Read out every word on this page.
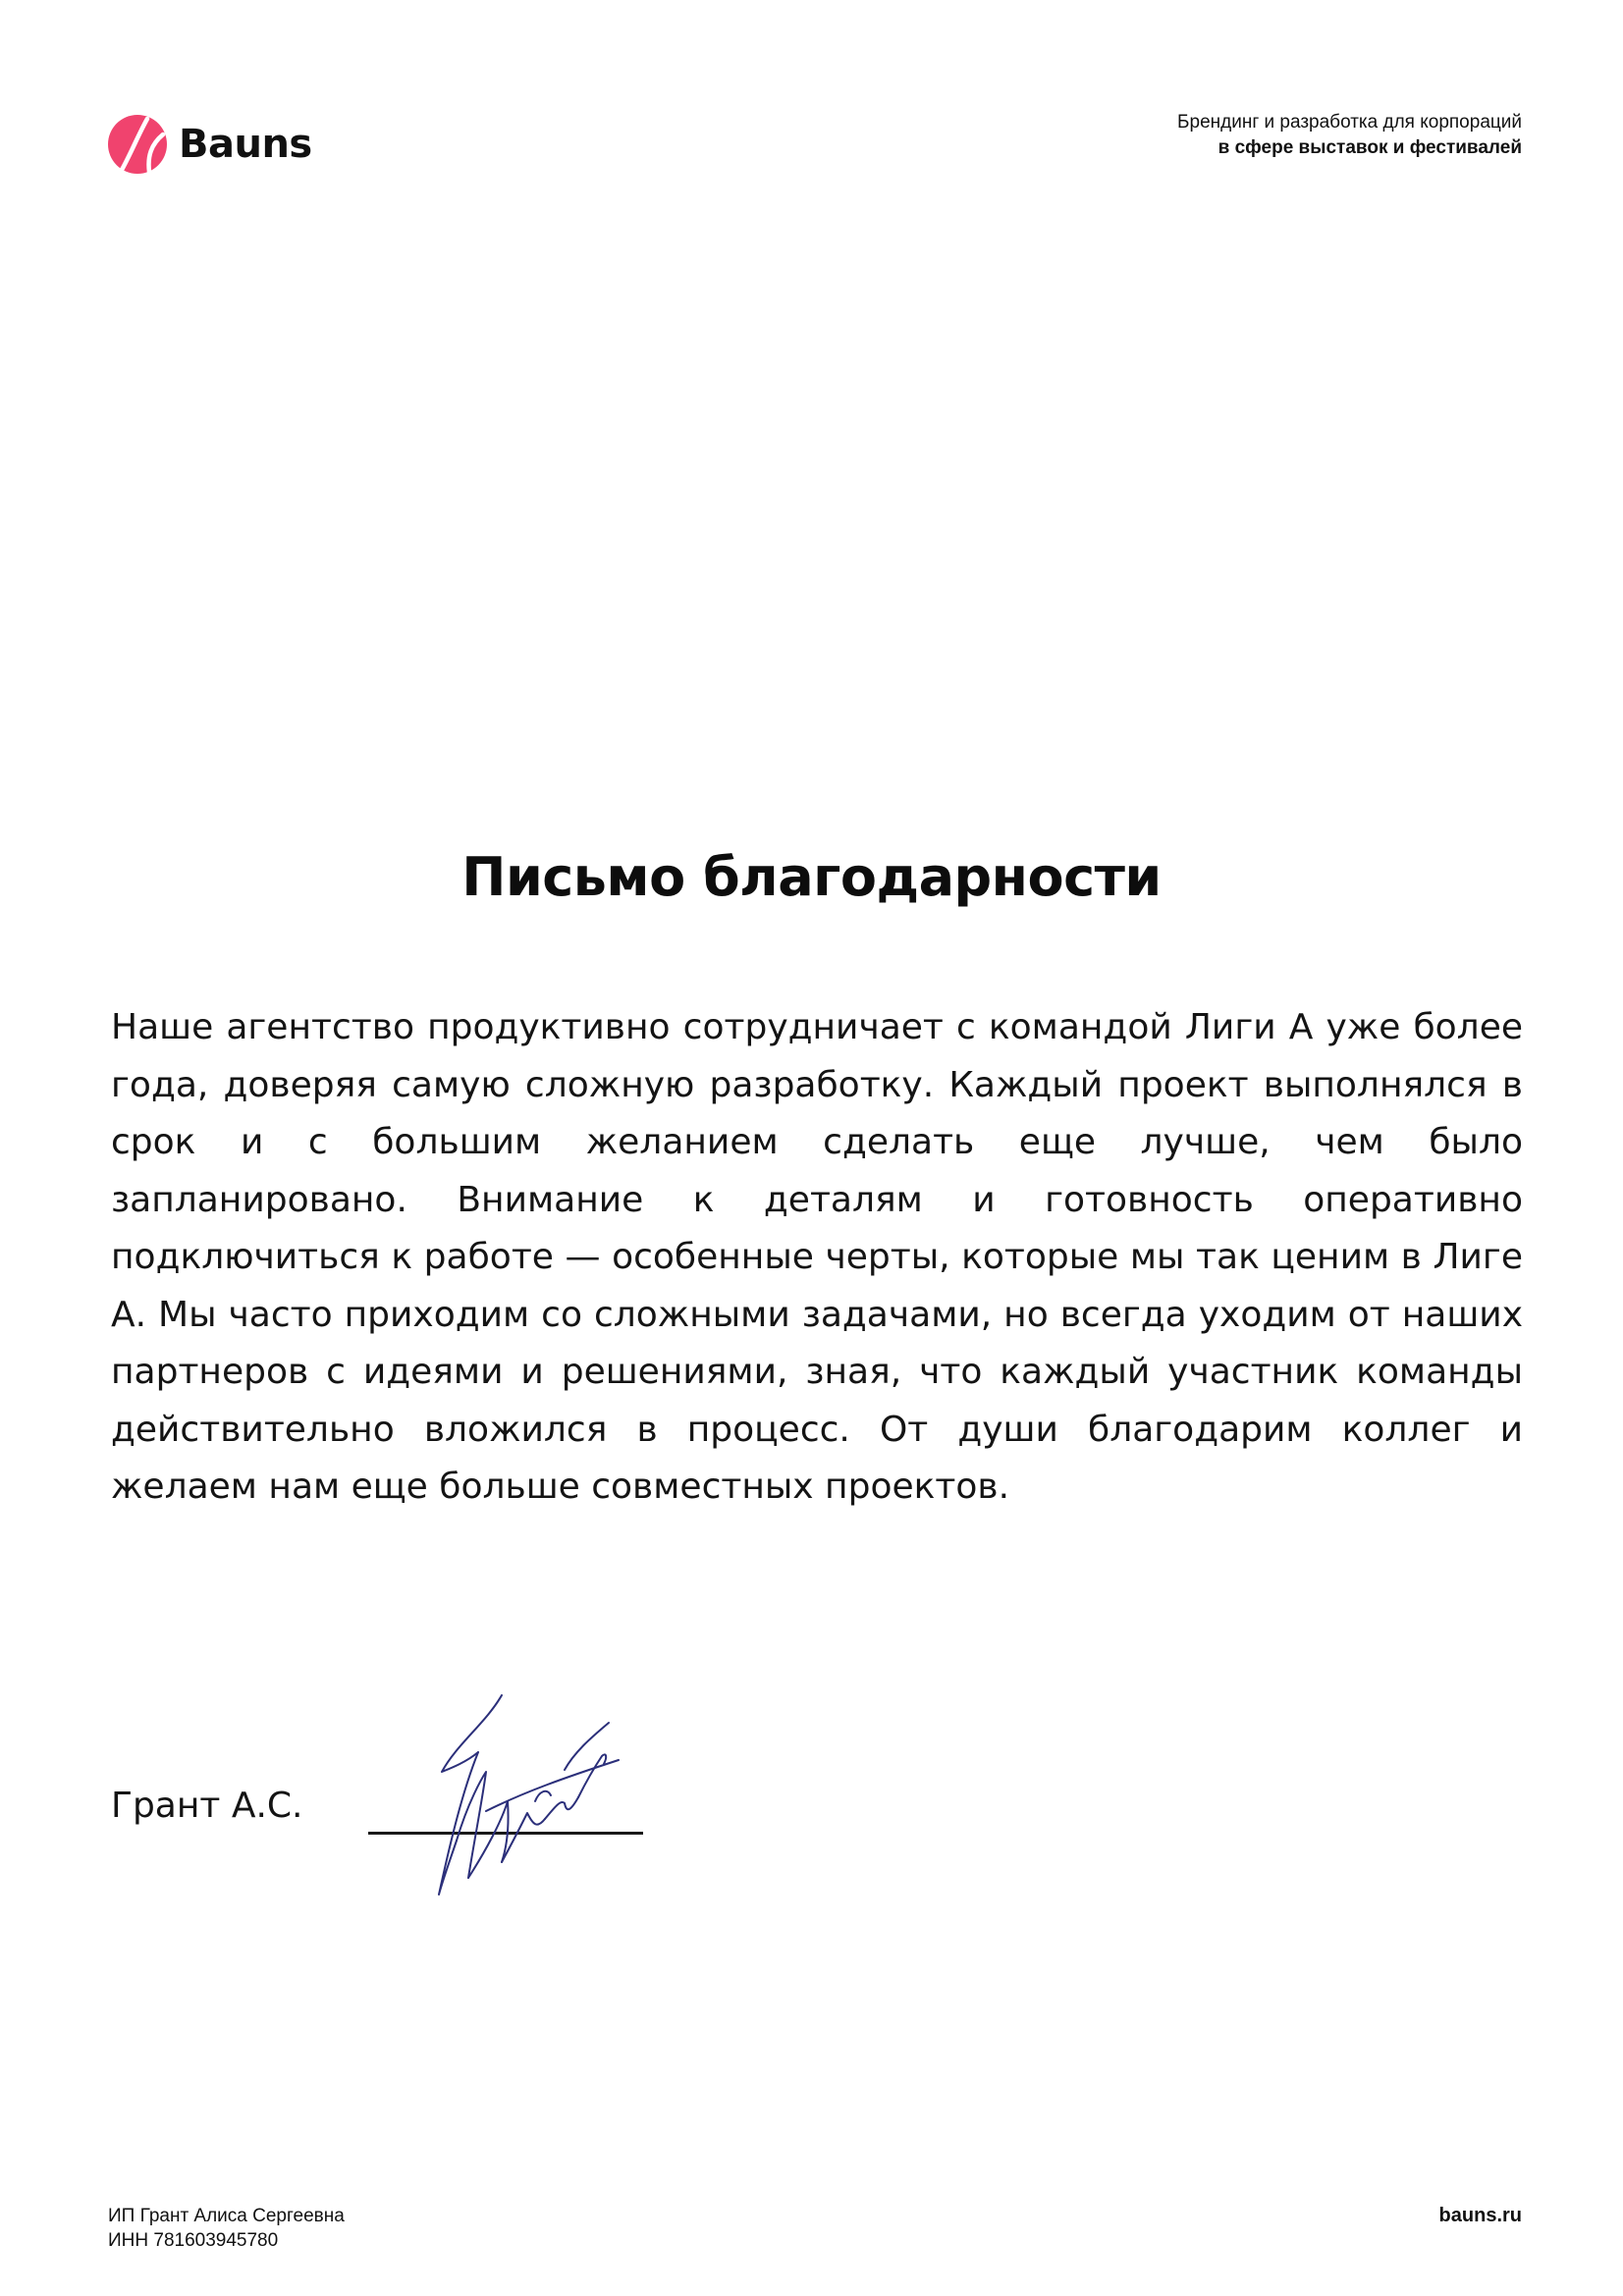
Bauns	Брендинг и разработка для корпораций
в сфере выставок и фестивалей
Письмо благодарности

Наше агентство продуктивно сотрудничает с командой Лиги А уже более года, доверяя самую сложную разработку. Каждый проект выполнялся в срок и с большим желанием сделать еще лучше, чем было запланировано. Внимание к деталям и готовность оперативно подключиться к работе — особенные черты, которые мы так ценим в Лиге А. Мы часто приходим со сложными задачами, но всегда уходим от наших партнеров с идеями и решениями, зная, что каждый участник команды действительно вложился в процесс. От души благодарим коллег и желаем нам еще больше совместных проектов.

Грант А.С.
ИП Грант Алиса Сергеевна
ИНН 781603945780
bauns.ru
